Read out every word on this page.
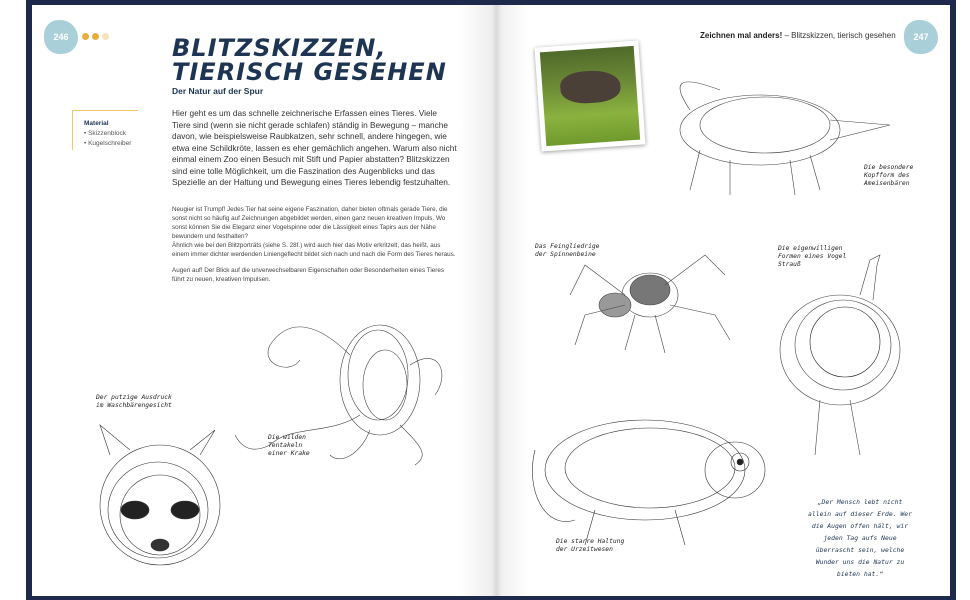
246	BLITZSKIZZEN,
TIERISCH GESEHEN
Der Natur auf der Spur
Material
• Skizzenblock
• Kugelschreiber
Hier geht es um das schnelle zeichnerische Erfassen eines Tieres. Viele Tiere sind (wenn sie nicht gerade schlafen) ständig in Bewegung – manche davon, wie beispielsweise Raubkatzen, sehr schnell, andere hingegen, wie etwa eine Schildkröte, lassen es eher gemächlich angehen. Warum also nicht einmal einem Zoo einen Besuch mit Stift und Papier abstatten? Blitzskizzen sind eine tolle Möglichkeit, um die Faszination des Augenblicks und das Spezielle an der Haltung und Bewegung eines Tieres lebendig festzuhalten.

Neugier ist Trumpf! Jedes Tier hat seine eigene Faszination, daher bieten oftmals gerade Tiere, die sonst nicht so häufig auf Zeichnungen abgebildet werden, einen ganz neuen kreativen Impuls. Wo sonst können Sie die Eleganz einer Vogelspinne oder die Lässigkeit eines Tapirs aus der Nähe bewundern und festhalten?

Ähnlich wie bei den Blitzporträts (siehe S. 28f.) wird auch hier das Motiv erkritzelt, das heißt, aus einem immer dichter werdenden Liniengeflecht bildet sich nach und nach die Form des Tieres heraus.

Augen auf! Der Blick auf die unverwechselbaren Eigenschaften oder Besonderheiten eines Tieres führt zu neuen, kreativen Impulsen.

Der putzige Ausdruck im Waschbärengesicht
Die wilden Tentakeln einer Krake
Die besondere Kopfform des Ameisenbären
Das Feingliedrige der Spinnenbeine
Die eigenwilligen Formen eines Vogel Strauß
Die starre Haltung der Urzeitwesen
„Der Mensch lebt nicht allein auf dieser Erde. Wer die Augen offen hält, wir jeden Tag aufs Neue überrascht sein, welche Wunder uns die Natur zu bieten hat.“
Zeichnen mal anders! – Blitzskizzen, tierisch gesehen	247
